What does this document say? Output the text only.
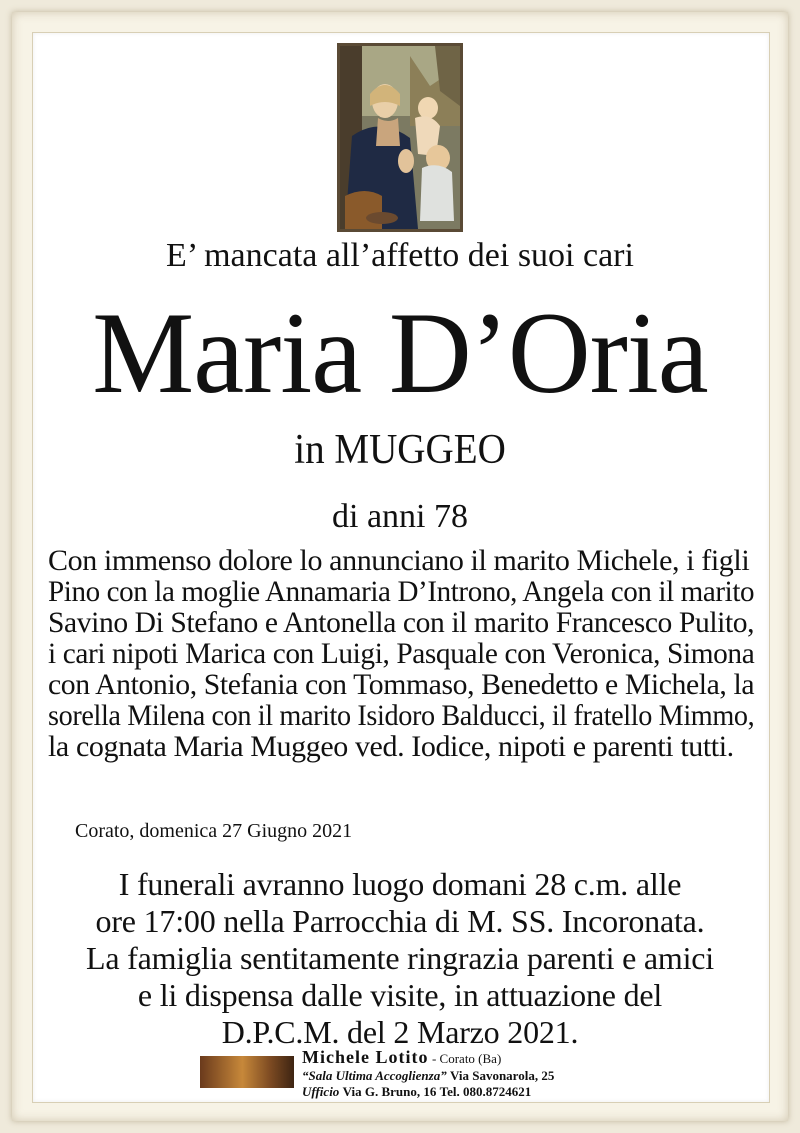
E’ mancata all’affetto dei suoi cari
Maria D’Oria
in MUGGEO
di anni 78
Con immenso dolore lo annunciano il marito Michele, i figli
Pino con la moglie Annamaria D’Introno, Angela con il marito
Savino Di Stefano e Antonella con il marito Francesco Pulito,
i cari nipoti Marica con Luigi, Pasquale con Veronica, Simona
con Antonio, Stefania con Tommaso, Benedetto e Michela, la
sorella Milena con il marito Isidoro Balducci, il fratello Mimmo,
la cognata Maria Muggeo ved. Iodice, nipoti e parenti tutti.
Corato, domenica 27 Giugno 2021
I funerali avranno luogo domani 28 c.m. alle
ore 17:00 nella Parrocchia di M. SS. Incoronata.
La famiglia sentitamente ringrazia parenti e amici
e li dispensa dalle visite, in attuazione del
D.P.C.M. del 2 Marzo 2021.
Michele Lotito - Corato (Ba)
“Sala Ultima Accoglienza” Via Savonarola, 25
Ufficio Via G. Bruno, 16 Tel. 080.8724621
